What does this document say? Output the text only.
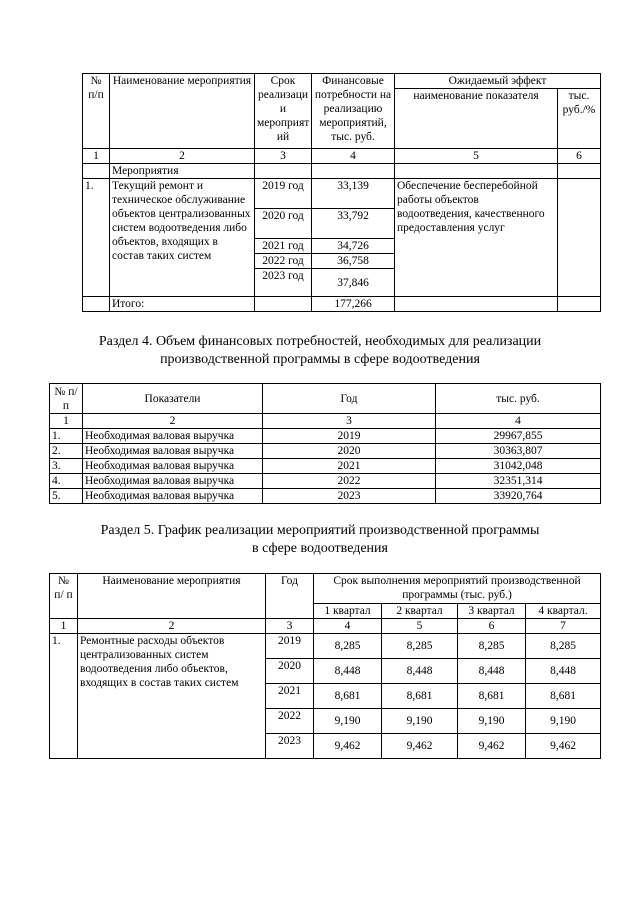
№ п/п	Наименование мероприятия	Срок реализаци и мероприят ий	Финансовые потребности на реализацию мероприятий, тыс. руб.	Ожидаемый эффект	
				наименование показателя	тыс. руб./%
1	2	3	4	5	6
	Мероприятия				
1.	Текущий ремонт и техническое обслуживание объектов централизованных систем водоотведения либо объектов, входящих в состав таких систем	2019 год	33,139	Обеспечение бесперебойной работы объектов водоотведения, качественного предоставления услуг	
		2020 год	33,792		
		2021 год	34,726		
		2022 год	36,758		
		2023 год	37,846		
	Итого:		177,266		
Раздел 4. Объем финансовых потребностей, необходимых для реализации
производственной программы в сфере водоотведения
№ п/п	Показатели	Год	тыс. руб.
1	2	3	4
1.	Необходимая валовая выручка	2019	29967,855
2.	Необходимая валовая выручка	2020	30363,807
3.	Необходимая валовая выручка	2021	31042,048
4.	Необходимая валовая выручка	2022	32351,314
5.	Необходимая валовая выручка	2023	33920,764
Раздел 5. График реализации мероприятий производственной программы
в сфере водоотведения
№ п/ п	Наименование мероприятия	Год	Срок выполнения мероприятий производственной программы (тыс. руб.)			
			1 квартал	2 квартал	3 квартал	4 квартал.
1	2	3	4	5	6	7
1.	Ремонтные расходы объектов централизованных систем водоотведения либо объектов, входящих в состав таких систем	2019	8,285	8,285	8,285	8,285
		2020	8,448	8,448	8,448	8,448
		2021	8,681	8,681	8,681	8,681
		2022	9,190	9,190	9,190	9,190
		2023	9,462	9,462	9,462	9,462
